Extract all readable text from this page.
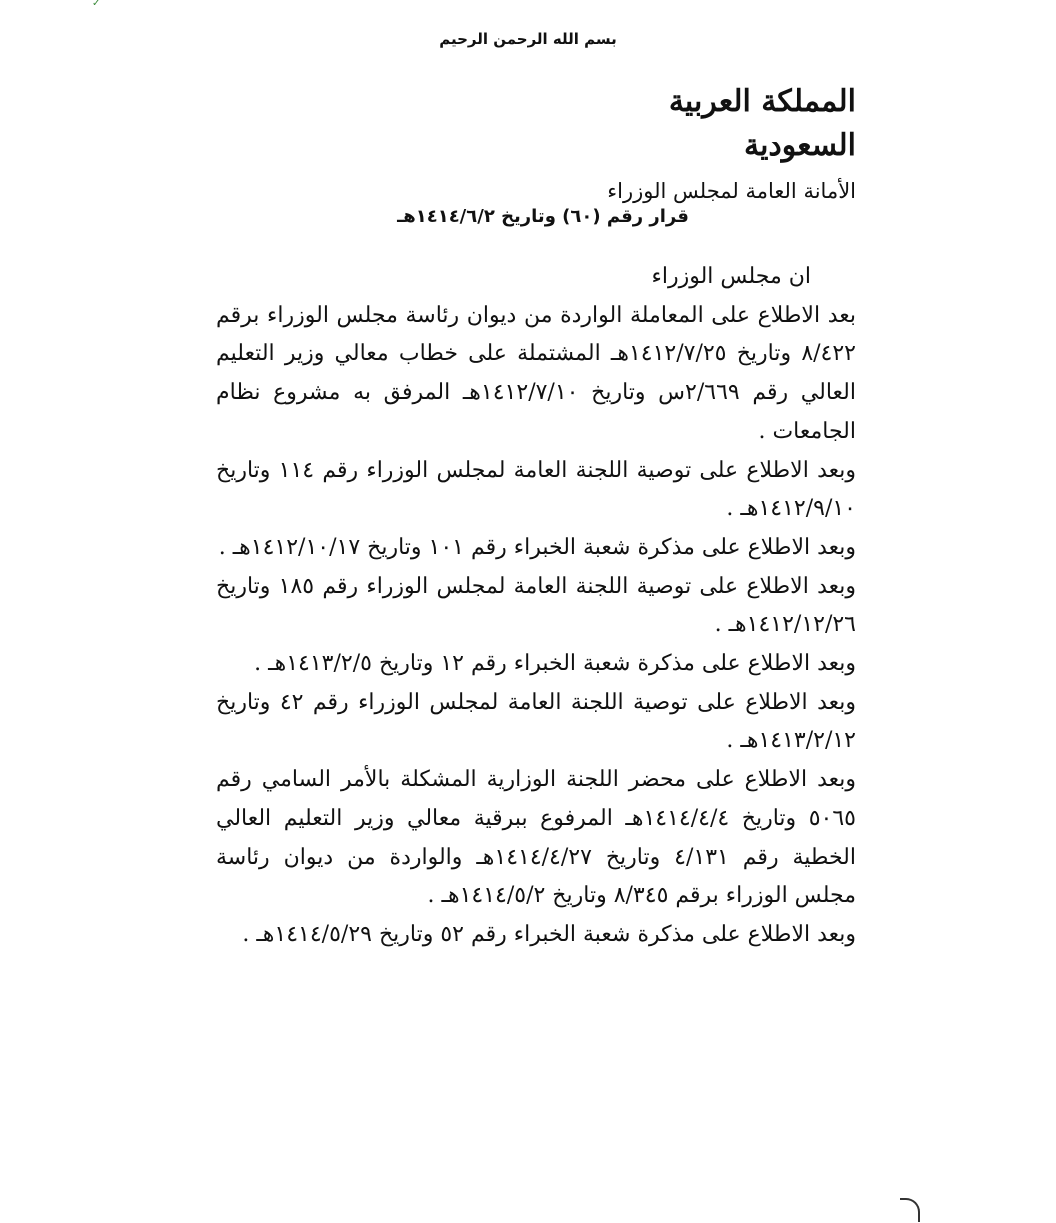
✓
بسم الله الرحمن الرحيم
المملكة العربية السعودية
الأمانة العامة لمجلس الوزراء
قرار رقم (٦٠) وتاريخ ١٤١٤/٦/٢هـ

ان مجلس الوزراء

بعد الاطلاع على المعاملة الواردة من ديوان رئاسة مجلس الوزراء برقم ٨/٤٢٢ وتاريخ ١٤١٢/٧/٢٥هـ المشتملة على خطاب معالي وزير التعليم العالي رقم ٢/٦٦٩س وتاريخ ١٤١٢/٧/١٠هـ المرفق به مشروع نظام الجامعات .

وبعد الاطلاع على توصية اللجنة العامة لمجلس الوزراء رقم ١١٤ وتاريخ ١٤١٢/٩/١٠هـ .

وبعد الاطلاع على مذكرة شعبة الخبراء رقم ١٠١ وتاريخ ١٤١٢/١٠/١٧هـ .

وبعد الاطلاع على توصية اللجنة العامة لمجلس الوزراء رقم ١٨٥ وتاريخ ١٤١٢/١٢/٢٦هـ .

وبعد الاطلاع على مذكرة شعبة الخبراء رقم ١٢ وتاريخ ١٤١٣/٢/٥هـ .

وبعد الاطلاع على توصية اللجنة العامة لمجلس الوزراء رقم ٤٢ وتاريخ ١٤١٣/٢/١٢هـ .

وبعد الاطلاع على محضر اللجنة الوزارية المشكلة بالأمر السامي رقم ٥٠٦٥ وتاريخ ١٤١٤/٤/٤هـ المرفوع ببرقية معالي وزير التعليم العالي الخطية رقم ٤/١٣١ وتاريخ ١٤١٤/٤/٢٧هـ والواردة من ديوان رئاسة مجلس الوزراء برقم ٨/٣٤٥ وتاريخ ١٤١٤/٥/٢هـ .

وبعد الاطلاع على مذكرة شعبة الخبراء رقم ٥٢ وتاريخ ١٤١٤/٥/٢٩هـ .
